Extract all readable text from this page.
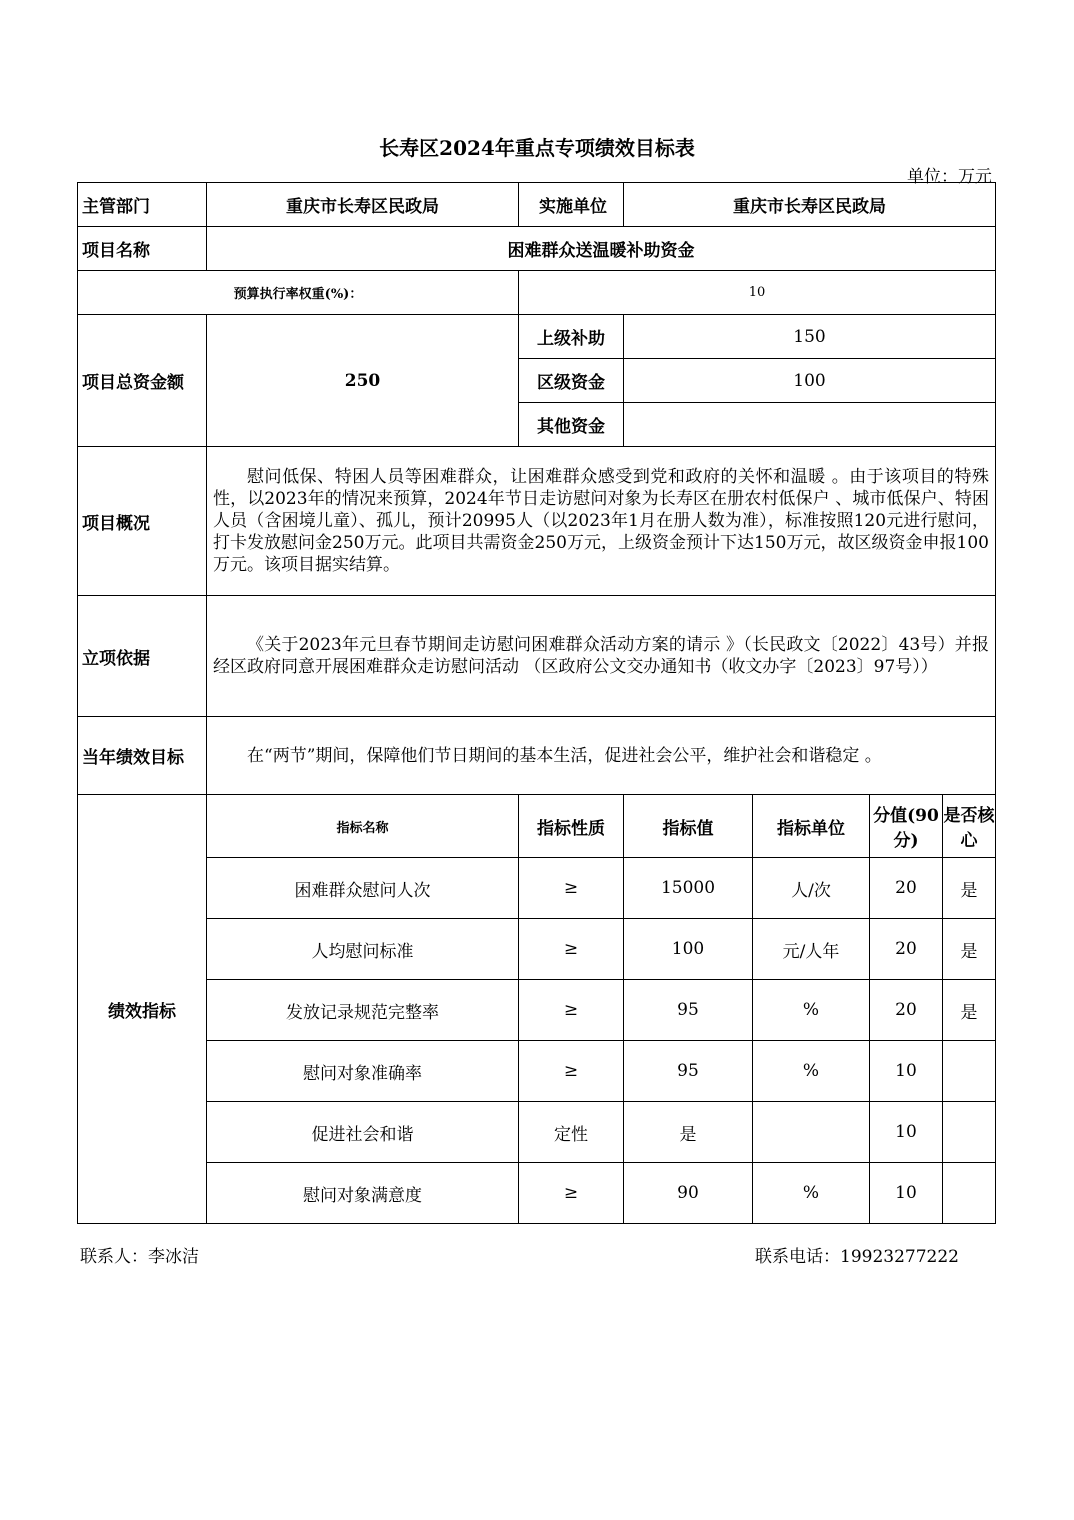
长寿区2024年重点专项绩效目标表
单位：万元
主管部门	重庆市长寿区民政局	实施单位	重庆市长寿区民政局			
项目名称	困难群众送温暖补助资金					
预算执行率权重(%)：		10				
项目总资金额	250	上级补助	150			
		区级资金	100			
		其他资金				
项目概况	慰问低保、特困人员等困难群众，让困难群众感受到党和政府的关怀和温暖 。由于该项目的特殊性，以2023年的情况来预算，2024年节日走访慰问对象为长寿区在册农村低保户 、城市低保户、特困人员（含困境儿童）、孤儿，预计20995人（以2023年1月在册人数为准），标准按照120元进行慰问，打卡发放慰问金250万元。此项目共需资金250万元，上级资金预计下达150万元，故区级资金申报100万元。该项目据实结算。					

立项依据	《关于2023年元旦春节期间走访慰问困难群众活动方案的请示 》（长民政文〔2022〕43号）并报经区政府同意开展困难群众走访慰问活动 （区政府公文交办通知书（收文办字〔2023〕97号））					

当年绩效目标	在“两节”期间，保障他们节日期间的基本生活，促进社会公平，维护社会和谐稳定 。					

绩效指标	指标名称	指标性质	指标值	指标单位	分值(90分)	是否核心
	困难群众慰问人次	≥	15000	人/次	20	是
	人均慰问标准	≥	100	元/人年	20	是
	发放记录规范完整率	≥	95	%	20	是
	慰问对象准确率	≥	95	%	10	
	促进社会和谐	定性	是		10	
	慰问对象满意度	≥	90	%	10	
联系人：李冰洁	联系电话：19923277222
